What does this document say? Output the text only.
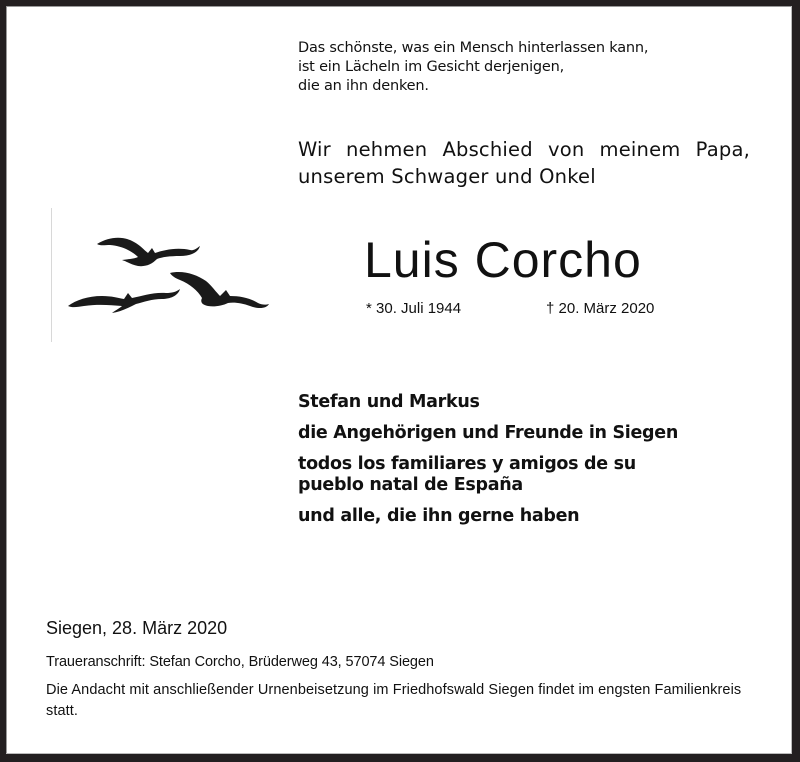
Das schönste, was ein Mensch hinterlassen kann,
ist ein Lächeln im Gesicht derjenigen,
die an ihn denken.
Wir nehmen Abschied von meinem Papa,
unserem Schwager und Onkel
Luis Corcho
* 30. Juli 1944	† 20. März 2020
Stefan und Markus
die Angehörigen und Freunde in Siegen
todos los familiares y amigos de su
pueblo natal de España
und alle, die ihn gerne haben
Siegen, 28. März 2020
Traueranschrift: Stefan Corcho, Brüderweg 43, 57074 Siegen
Die Andacht mit anschließender Urnenbeisetzung im Friedhofswald Siegen findet im engsten Familienkreis statt.
